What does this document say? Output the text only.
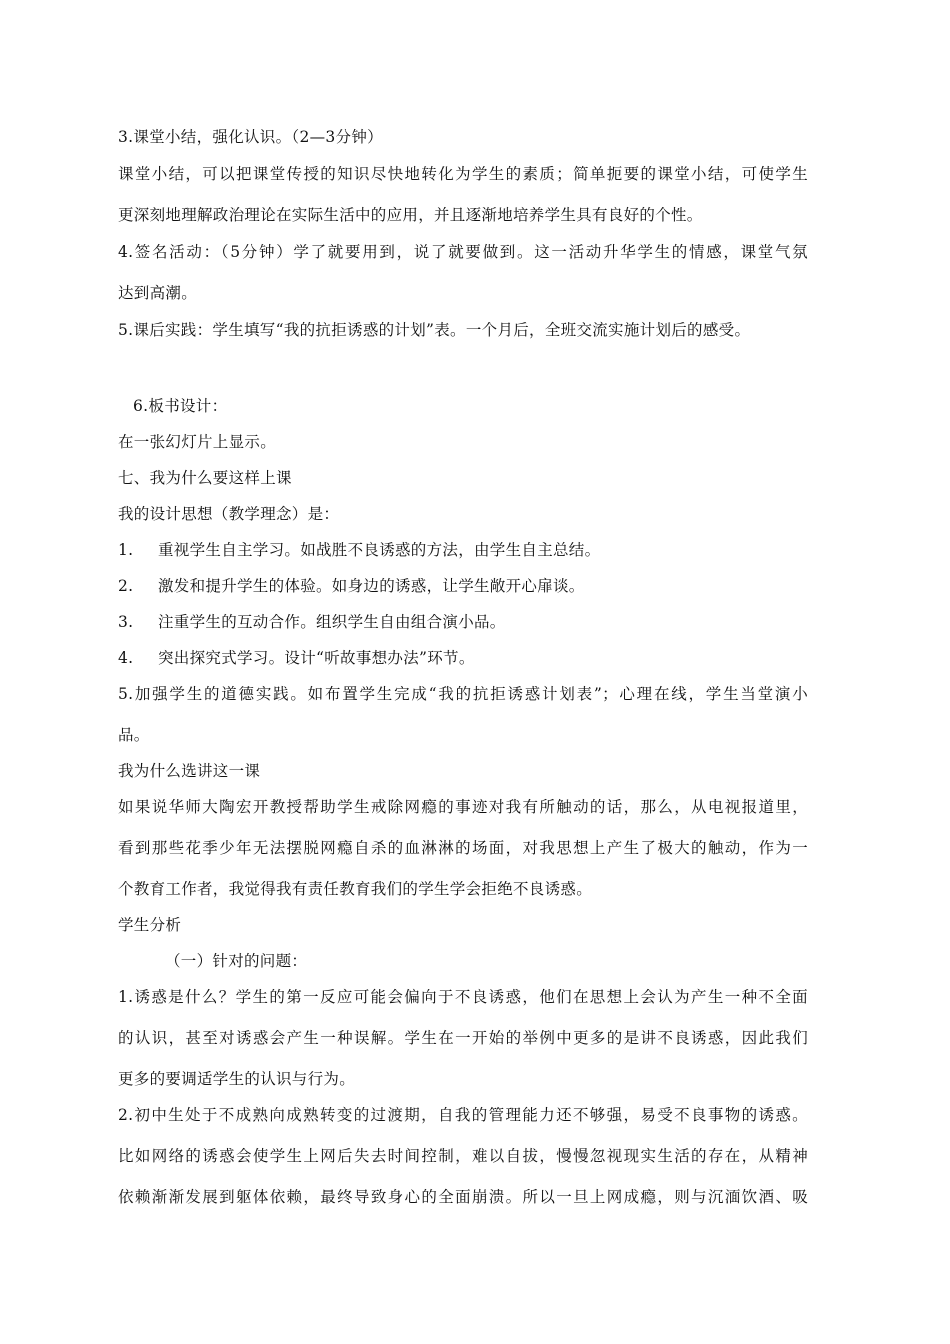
3.课堂小结，强化认识。（2—3分钟）
课堂小结，可以把课堂传授的知识尽快地转化为学生的素质；简单扼要的课堂小结，可使学生
更深刻地理解政治理论在实际生活中的应用，并且逐渐地培养学生具有良好的个性。
4.签名活动：（5分钟）学了就要用到，说了就要做到。这一活动升华学生的情感，课堂气氛
达到高潮。
5.课后实践：学生填写“我的抗拒诱惑的计划”表。一个月后，全班交流实施计划后的感受。
6.板书设计：
在一张幻灯片上显示。
七、我为什么要这样上课
我的设计思想（教学理念）是：
1. 重视学生自主学习。如战胜不良诱惑的方法，由学生自主总结。
2. 激发和提升学生的体验。如身边的诱惑，让学生敞开心扉谈。
3. 注重学生的互动合作。组织学生自由组合演小品。
4. 突出探究式学习。设计“听故事想办法”环节。
5.加强学生的道德实践。如布置学生完成“我的抗拒诱惑计划表”；心理在线，学生当堂演小
品。
我为什么选讲这一课
如果说华师大陶宏开教授帮助学生戒除网瘾的事迹对我有所触动的话，那么，从电视报道里，
看到那些花季少年无法摆脱网瘾自杀的血淋淋的场面，对我思想上产生了极大的触动，作为一
个教育工作者，我觉得我有责任教育我们的学生学会拒绝不良诱惑。
学生分析
（一）针对的问题：
1.诱惑是什么？学生的第一反应可能会偏向于不良诱惑，他们在思想上会认为产生一种不全面
的认识，甚至对诱惑会产生一种误解。学生在一开始的举例中更多的是讲不良诱惑，因此我们
更多的要调适学生的认识与行为。
2.初中生处于不成熟向成熟转变的过渡期，自我的管理能力还不够强，易受不良事物的诱惑。
比如网络的诱惑会使学生上网后失去时间控制，难以自拔，慢慢忽视现实生活的存在，从精神
依赖渐渐发展到躯体依赖，最终导致身心的全面崩溃。所以一旦上网成瘾，则与沉湎饮酒、吸
